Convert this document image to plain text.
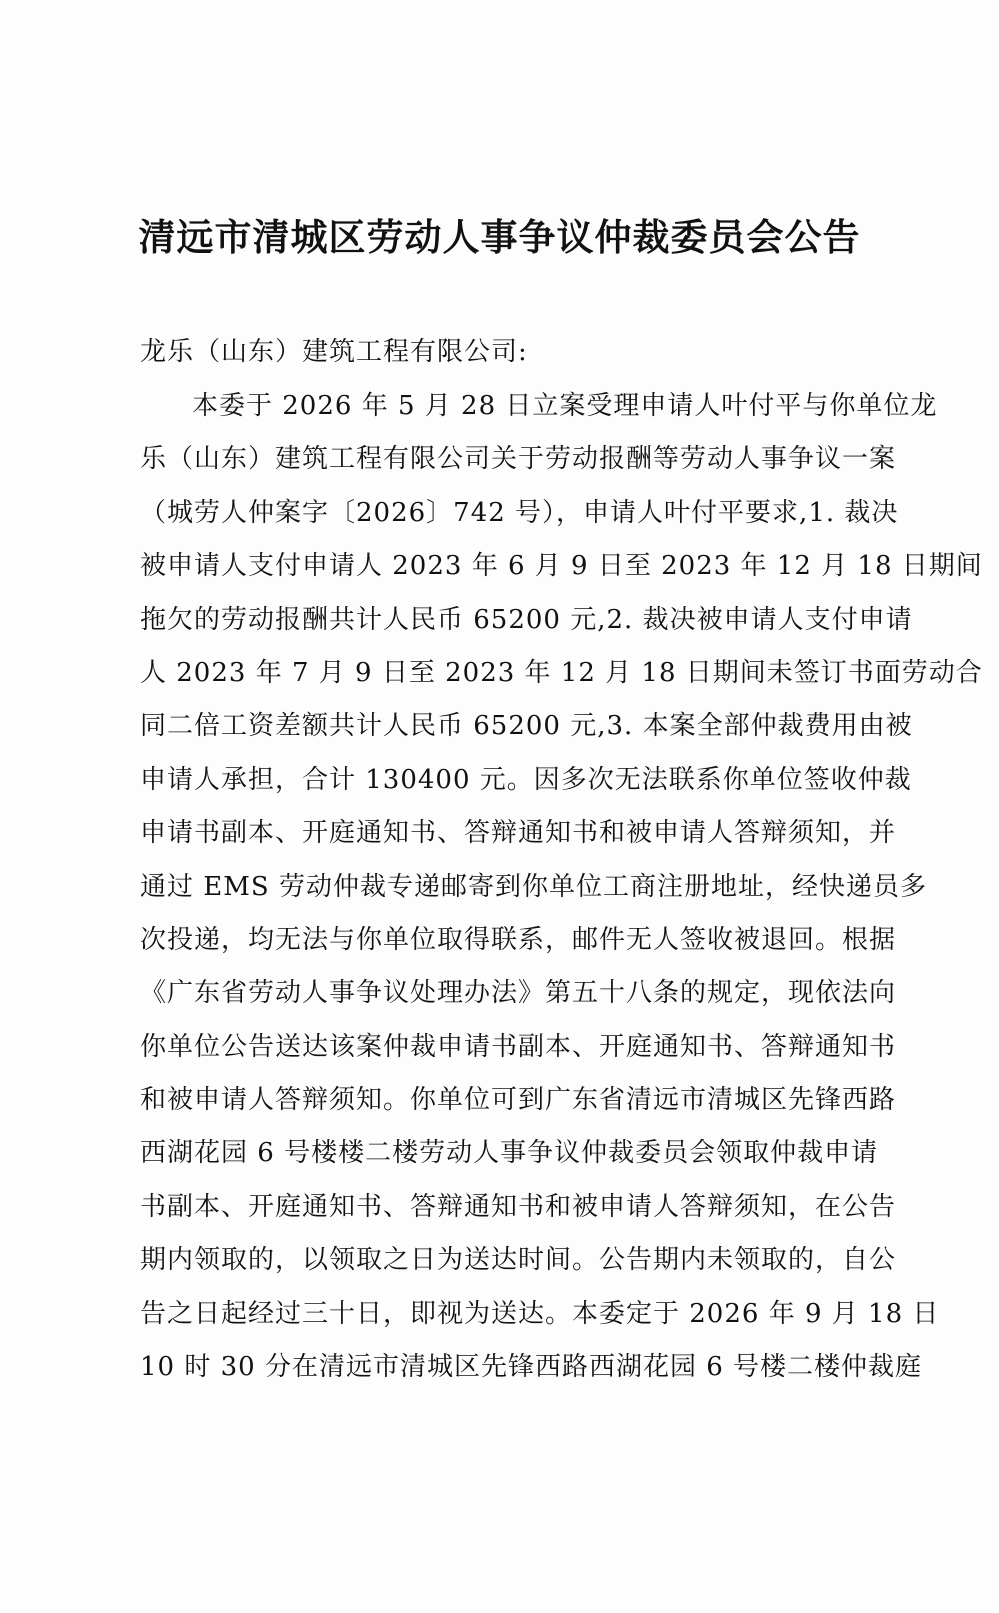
清远市清城区劳动人事争议仲裁委员会公告
龙乐（山东）建筑工程有限公司:
本委于 2026 年 5 月 28 日立案受理申请人叶付平与你单位龙
乐（山东）建筑工程有限公司关于劳动报酬等劳动人事争议一案
（城劳人仲案字〔2026〕742 号），申请人叶付平要求,1. 裁决
被申请人支付申请人 2023 年 6 月 9 日至 2023 年 12 月 18 日期间
拖欠的劳动报酬共计人民币 65200 元,2. 裁决被申请人支付申请
人 2023 年 7 月 9 日至 2023 年 12 月 18 日期间未签订书面劳动合
同二倍工资差额共计人民币 65200 元,3. 本案全部仲裁费用由被
申请人承担，合计 130400 元。因多次无法联系你单位签收仲裁
申请书副本、开庭通知书、答辩通知书和被申请人答辩须知，并
通过 EMS 劳动仲裁专递邮寄到你单位工商注册地址，经快递员多
次投递，均无法与你单位取得联系，邮件无人签收被退回。根据
《广东省劳动人事争议处理办法》第五十八条的规定，现依法向
你单位公告送达该案仲裁申请书副本、开庭通知书、答辩通知书
和被申请人答辩须知。你单位可到广东省清远市清城区先锋西路
西湖花园 6 号楼楼二楼劳动人事争议仲裁委员会领取仲裁申请
书副本、开庭通知书、答辩通知书和被申请人答辩须知，在公告
期内领取的，以领取之日为送达时间。公告期内未领取的，自公
告之日起经过三十日，即视为送达。本委定于 2026 年 9 月 18 日
10 时 30 分在清远市清城区先锋西路西湖花园 6 号楼二楼仲裁庭
